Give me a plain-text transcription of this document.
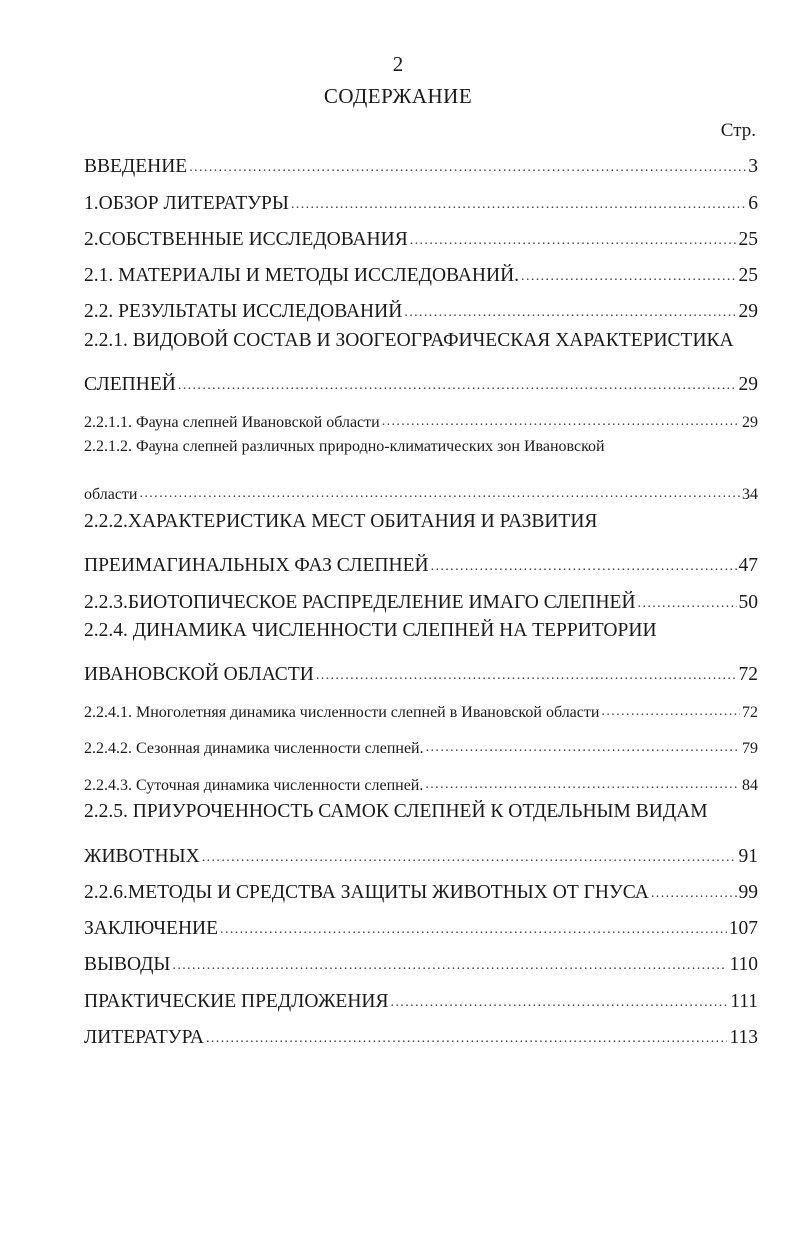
2
СОДЕРЖАНИЕ
Стр.
ВВЕДЕНИЕ .....	3
1.ОБЗОР ЛИТЕРАТУРЫ .....	6
2.СОБСТВЕННЫЕ ИССЛЕДОВАНИЯ .....	25
2.1. МАТЕРИАЛЫ И МЕТОДЫ ИССЛЕДОВАНИЙ. .....	25
2.2. РЕЗУЛЬТАТЫ ИССЛЕДОВАНИЙ .....	29
2.2.1. ВИДОВОЙ СОСТАВ И ЗООГЕОГРАФИЧЕСКАЯ ХАРАКТЕРИСТИКА
СЛЕПНЕЙ .....	29
2.2.1.1. Фауна слепней Ивановской области .....	29
2.2.1.2. Фауна слепней различных природно-климатических зон Ивановской
области .....	34
2.2.2.ХАРАКТЕРИСТИКА МЕСТ ОБИТАНИЯ И РАЗВИТИЯ
ПРЕИМАГИНАЛЬНЫХ ФАЗ СЛЕПНЕЙ .....	47
2.2.3.БИОТОПИЧЕСКОЕ РАСПРЕДЕЛЕНИЕ ИМАГО СЛЕПНЕЙ .....	50
2.2.4. ДИНАМИКА ЧИСЛЕННОСТИ СЛЕПНЕЙ НА ТЕРРИТОРИИ
ИВАНОВСКОЙ ОБЛАСТИ .....	72
2.2.4.1. Многолетняя динамика численности слепней в Ивановской области .....	72
2.2.4.2. Сезонная динамика численности слепней. .....	79
2.2.4.3. Суточная динамика численности слепней. .....	84
2.2.5. ПРИУРОЧЕННОСТЬ САМОК СЛЕПНЕЙ К ОТДЕЛЬНЫМ ВИДАМ
ЖИВОТНЫХ .....	91
2.2.6.МЕТОДЫ И СРЕДСТВА ЗАЩИТЫ ЖИВОТНЫХ ОТ ГНУСА .....	99
ЗАКЛЮЧЕНИЕ .....	107
ВЫВОДЫ .....	110
ПРАКТИЧЕСКИЕ ПРЕДЛОЖЕНИЯ .....	111
ЛИТЕРАТУРА .....	113
